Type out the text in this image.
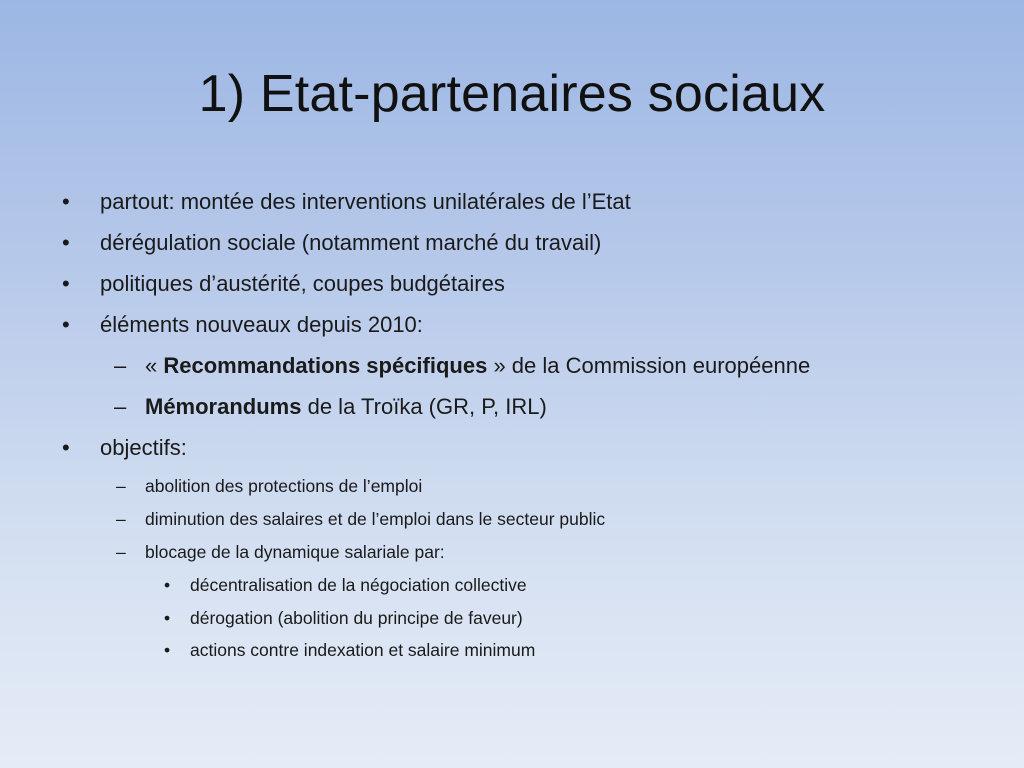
1) Etat-partenaires sociaux
• partout: montée des interventions unilatérales de l’Etat
• dérégulation sociale (notamment marché du travail)
• politiques d’austérité, coupes budgétaires
• éléments nouveaux depuis 2010:
– « Recommandations spécifiques » de la Commission européenne
– Mémorandums de la Troïka (GR, P, IRL)
• objectifs:
– abolition des protections de l’emploi
– diminution des salaires et de l’emploi dans le secteur public
– blocage de la dynamique salariale par:
• décentralisation de la négociation collective
• dérogation (abolition du principe de faveur)
• actions contre indexation et salaire minimum
